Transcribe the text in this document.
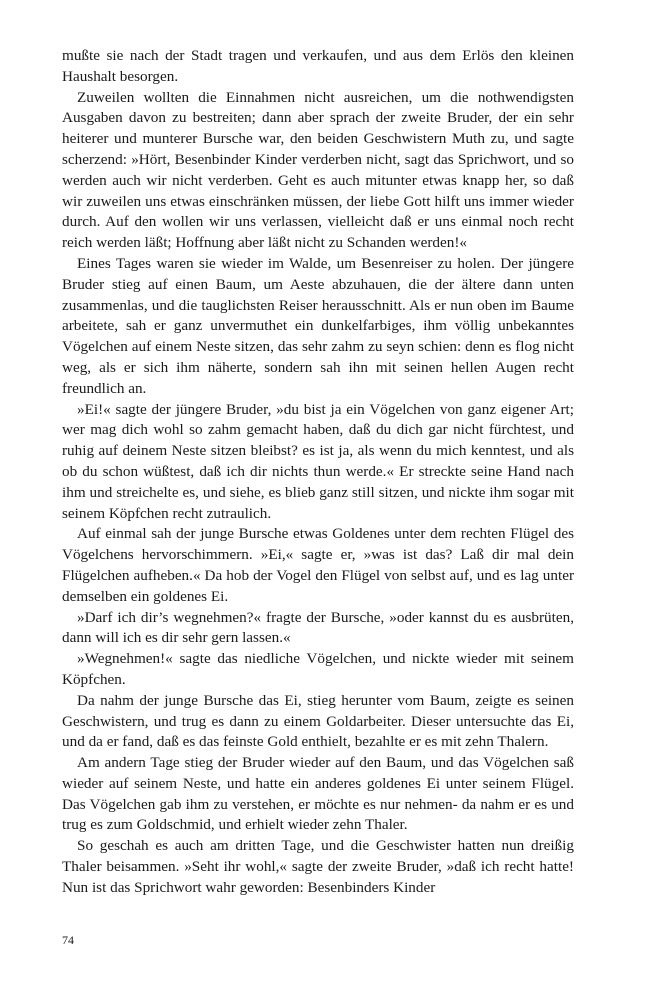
mußte sie nach der Stadt tragen und verkaufen, und aus dem Erlös den kleinen Haushalt besorgen.

Zuweilen wollten die Einnahmen nicht ausreichen, um die nothwendigsten Ausgaben davon zu bestreiten; dann aber sprach der zweite Bruder, der ein sehr heiterer und munterer Bursche war, den beiden Geschwistern Muth zu, und sagte scherzend: »Hört, Besenbinder Kinder verderben nicht, sagt das Sprichwort, und so werden auch wir nicht verderben. Geht es auch mitunter etwas knapp her, so daß wir zuweilen uns etwas einschränken müssen, der liebe Gott hilft uns immer wieder durch. Auf den wollen wir uns verlassen, vielleicht daß er uns einmal noch recht reich werden läßt; Hoffnung aber läßt nicht zu Schanden werden!«

Eines Tages waren sie wieder im Walde, um Besenreiser zu holen. Der jüngere Bruder stieg auf einen Baum, um Aeste abzuhauen, die der ältere dann unten zusammenlas, und die tauglichsten Reiser herausschnitt. Als er nun oben im Baume arbeitete, sah er ganz unvermuthet ein dunkelfarbiges, ihm völlig unbekanntes Vögelchen auf einem Neste sitzen, das sehr zahm zu seyn schien: denn es flog nicht weg, als er sich ihm näherte, sondern sah ihn mit seinen hellen Augen recht freundlich an.

»Ei!« sagte der jüngere Bruder, »du bist ja ein Vögelchen von ganz eigener Art; wer mag dich wohl so zahm gemacht haben, daß du dich gar nicht fürchtest, und ruhig auf deinem Neste sitzen bleibst? es ist ja, als wenn du mich kenntest, und als ob du schon wüßtest, daß ich dir nichts thun werde.« Er streckte seine Hand nach ihm und streichelte es, und siehe, es blieb ganz still sitzen, und nickte ihm sogar mit seinem Köpfchen recht zutraulich.

Auf einmal sah der junge Bursche etwas Goldenes unter dem rechten Flügel des Vögelchens hervorschimmern. »Ei,« sagte er, »was ist das? Laß dir mal dein Flügelchen aufheben.« Da hob der Vogel den Flügel von selbst auf, und es lag unter demselben ein goldenes Ei.

»Darf ich dir’s wegnehmen?« fragte der Bursche, »oder kannst du es ausbrüten, dann will ich es dir sehr gern lassen.«

»Wegnehmen!« sagte das niedliche Vögelchen, und nickte wieder mit seinem Köpfchen.

Da nahm der junge Bursche das Ei, stieg herunter vom Baum, zeigte es seinen Geschwistern, und trug es dann zu einem Goldarbeiter. Dieser untersuchte das Ei, und da er fand, daß es das feinste Gold enthielt, bezahlte er es mit zehn Thalern.

Am andern Tage stieg der Bruder wieder auf den Baum, und das Vögelchen saß wieder auf seinem Neste, und hatte ein anderes goldenes Ei unter seinem Flügel. Das Vögelchen gab ihm zu verstehen, er möchte es nur nehmen- da nahm er es und trug es zum Goldschmid, und erhielt wieder zehn Thaler.

So geschah es auch am dritten Tage, und die Geschwister hatten nun dreißig Thaler beisammen. »Seht ihr wohl,« sagte der zweite Bruder, »daß ich recht hatte! Nun ist das Sprichwort wahr geworden: Besenbinders Kinder

74
